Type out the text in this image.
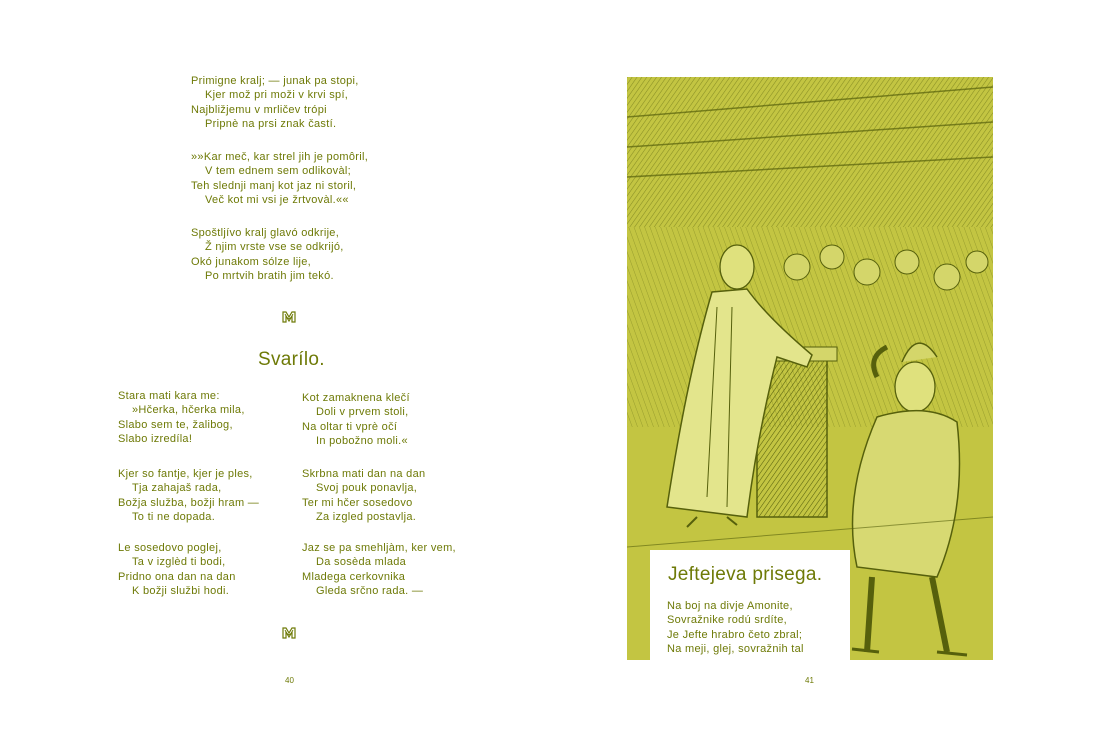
Primigne kralj; — junak pa stopi,
Kjer mož pri moži v krvi spí,
Najbližjemu v mrličev trópi
Pripnè na prsi znak častí.
»»Kar meč, kar strel jih je pomôril,
V tem ednem sem odlikovàl;
Teh slednji manj kot jaz ni storil,
Več kot mi vsi je žrtvovàl.««
Spoštljívo kralj glavó odkrije,
Ž njim vrste vse se odkrijó,
Okó junakom sólze lije,
Po mrtvih bratih jim tekó.
Svarílo.
Stara mati kara me:
»Hčerka, hčerka mila,
Slabo sem te, žalibog,
Slabo izredíla!
Kjer so fantje, kjer je ples,
Tja zahajaš rada,
Božja služba, božji hram —
To ti ne dopada.
Le sosedovo poglej,
Ta v izglèd ti bodi,
Pridno ona dan na dan
K božji službi hodi.
Kot zamaknena klečí
Doli v prvem stoli,
Na oltar ti vprè očí
In pobožno moli.«
Skrbna mati dan na dan
Svoj pouk ponavlja,
Ter mi hčer sosedovo
Za izgled postavlja.
Jaz se pa smehljàm, ker vem,
Da sosèda mlada
Mladega cerkovnika
Gleda srčno rada. —
40
Jeftejeva prisega.
Na boj na divje Amonite,
Sovražnike rodú srdíte,
Je Jefte hrabro četo zbral;
Na meji, glej, sovražnih tal
41
